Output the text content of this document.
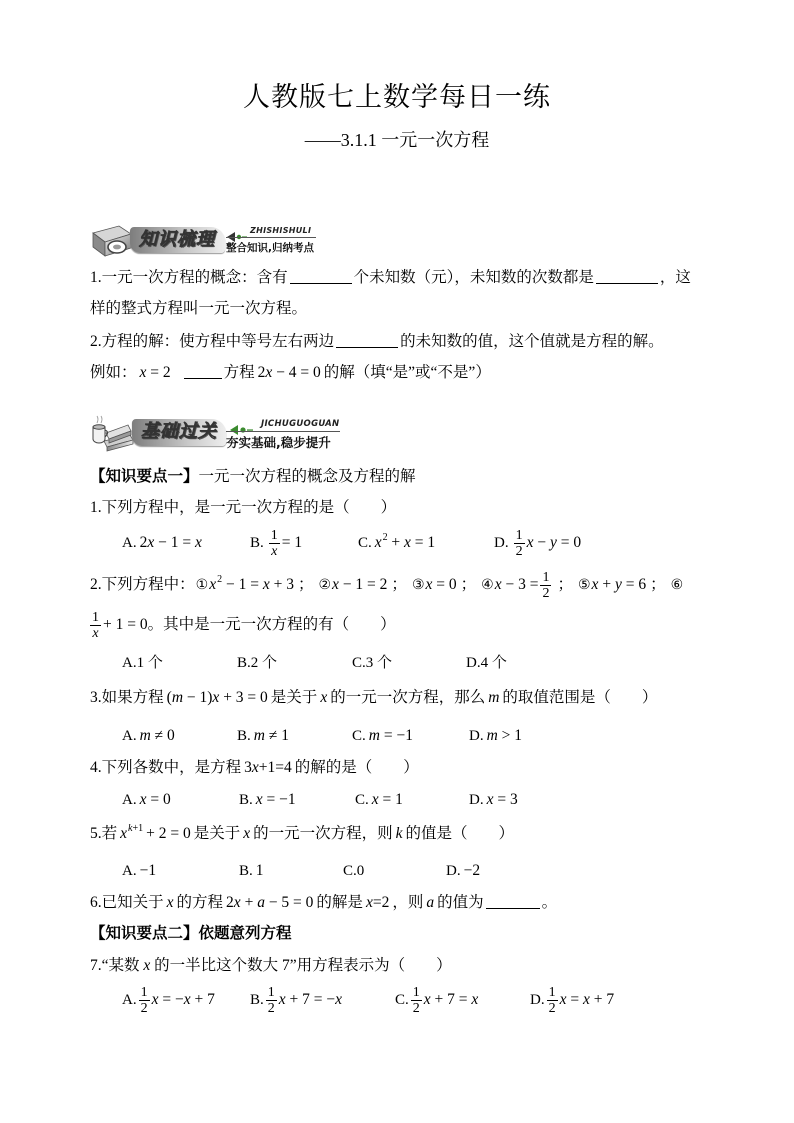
人教版七上数学每日一练
——3.1.1 一元一次方程
知识梳理	ZHISHISHULI
整合知识,归纳考点
1.一元一次方程的概念：含有	个未知数（元），未知数的次数都是	，这
样的整式方程叫一元一次方程。
2.方程的解：使方程中等号左右两边	的未知数的值，这个值就是方程的解。
例如： x = 2	方程 2x − 4 = 0 的解（填“是”或“不是”）
基础过关	JICHUGUOGUAN
夯实基础,稳步提升
【知识要点一】一元一次方程的概念及方程的解
1.下列方程中，是一元一次方程的是（　　）
A. 2x − 1 = x	B. $\frac{1}{x} = 1$	C. $x^2 + x = 1$	D. $\frac{1}{2}$ x − y = 0
2.下列方程中：$①x^2 - 1 = x + 3$ ； ②x − 1 = 2 ； ③x = 0 ； ④x − $3 = \frac{1}{2}$ ； ⑤x + y = 6 ； ⑥
$\frac{1}{x} + 1 = 0$。其中是一元一次方程的有（　　）
A.1 个	B.2 个	C.3 个	D.4 个
3.如果方程 (m − 1)x + 3 = 0 是关于 x 的一元一次方程，那么 m 的取值范围是（　　）
A. m ≠ 0	B. m ≠ 1	C. m = −1	D. m > 1
4.下列各数中，是方程 3x+1=4 的解的是（　　）
A. x = 0	B. x = −1	C. x = 1	D. x = 3
5.若 $x^{k+1} + 2 = 0$ 是关于 x 的一元一次方程，则 k 的值是（　　）
A. −1	B. 1	C.0	D. −2
6.已知关于 x 的方程 2x + a − 5 = 0 的解是 x=2 ，则 a 的值为	。
【知识要点二】依题意列方程
7.“某数 x 的一半比这个数大 7”用方程表示为（　　）
A. $\frac{1}{2}$ x = −x + 7 B. $\frac{1}{2}$ x + 7 = −x	C. $\frac{1}{2}$ x + 7 = x	D. $\frac{1}{2}$ x = x + 7
